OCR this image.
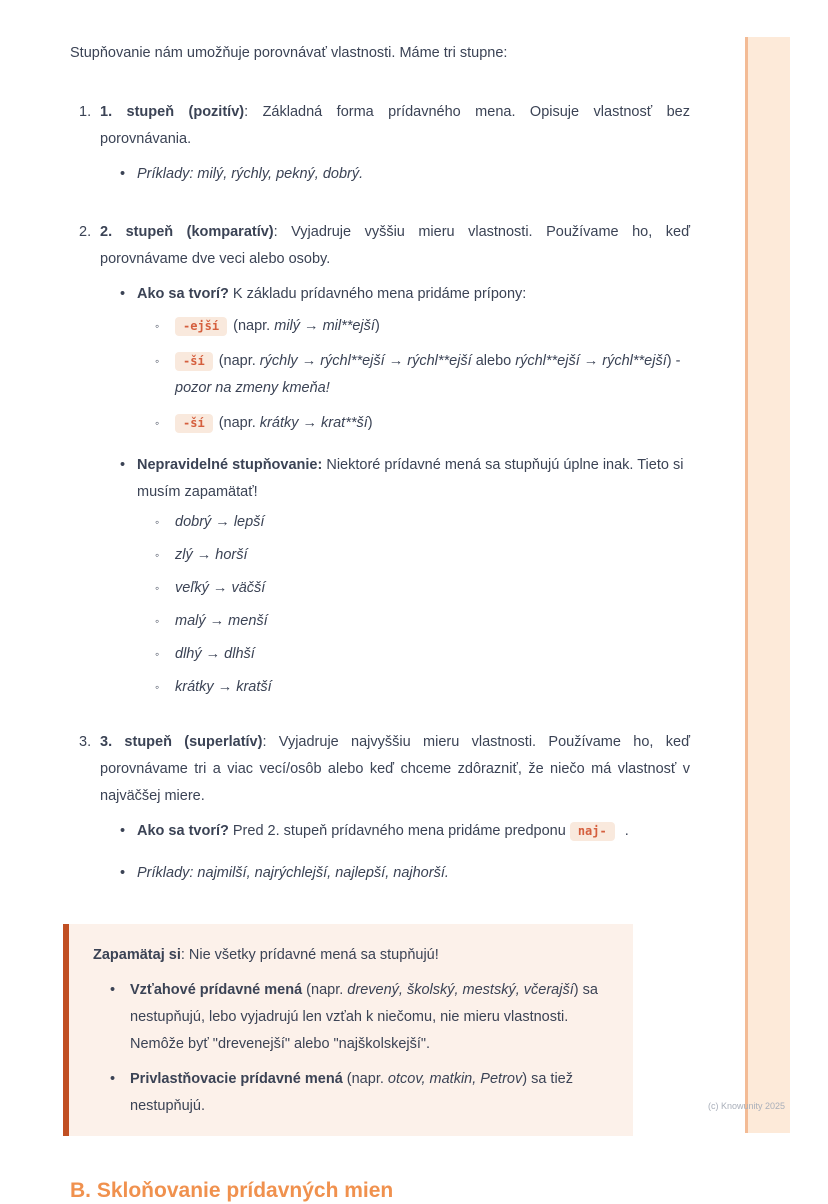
Stupňovanie nám umožňuje porovnávať vlastnosti. Máme tri stupne:

1. 1. stupeň (pozitív): Základná forma prídavného mena. Opisuje vlastnosť bez porovnávania.

• Príklady: milý, rýchly, pekný, dobrý.
2. 2. stupeň (komparatív): Vyjadruje vyššiu mieru vlastnosti. Používame ho, keď porovnávame dve veci alebo osoby.

• Ako sa tvorí? K základu prídavného mena pridáme prípony:

◦ -ejší (napr. milý → mil**ejší)
◦ -ší (napr. rýchly → rýchl**ejší → rýchl**ejší alebo rýchl**ejší → rýchl**ejší) - pozor na zmeny kmeňa!
◦ -ší (napr. krátky → krat**ší)

• Nepravidelné stupňovanie: Niektoré prídavné mená sa stupňujú úplne inak. Tieto si musím zapamätať!

◦ dobrý → lepší
◦ zlý → horší
◦ veľký → väčší
◦ malý → menší
◦ dlhý → dlhší
◦ krátky → kratší
3. 3. stupeň (superlatív): Vyjadruje najvyššiu mieru vlastnosti. Používame ho, keď porovnávame tri a viac vecí/osôb alebo keď chceme zdôrazniť, že niečo má vlastnosť v najväčšej miere.

• Ako sa tvorí? Pred 2. stupeň prídavného mena pridáme predponu naj- .
• Príklady: najmilší, najrýchlejší, najlepší, najhorší.

Zapamätaj si: Nie všetky prídavné mená sa stupňujú!

• Vzťahové prídavné mená (napr. drevený, školský, mestský, včerajší) sa nestupňujú, lebo vyjadrujú len vzťah k niečomu, nie mieru vlastnosti. Nemôže byť "drevenejší" alebo "najškolskejší".
• Privlastňovacie prídavné mená (napr. otcov, matkin, Petrov) sa tiež nestupňujú.
B. Skloňovanie prídavných mien
(c) Knowunity 2025
